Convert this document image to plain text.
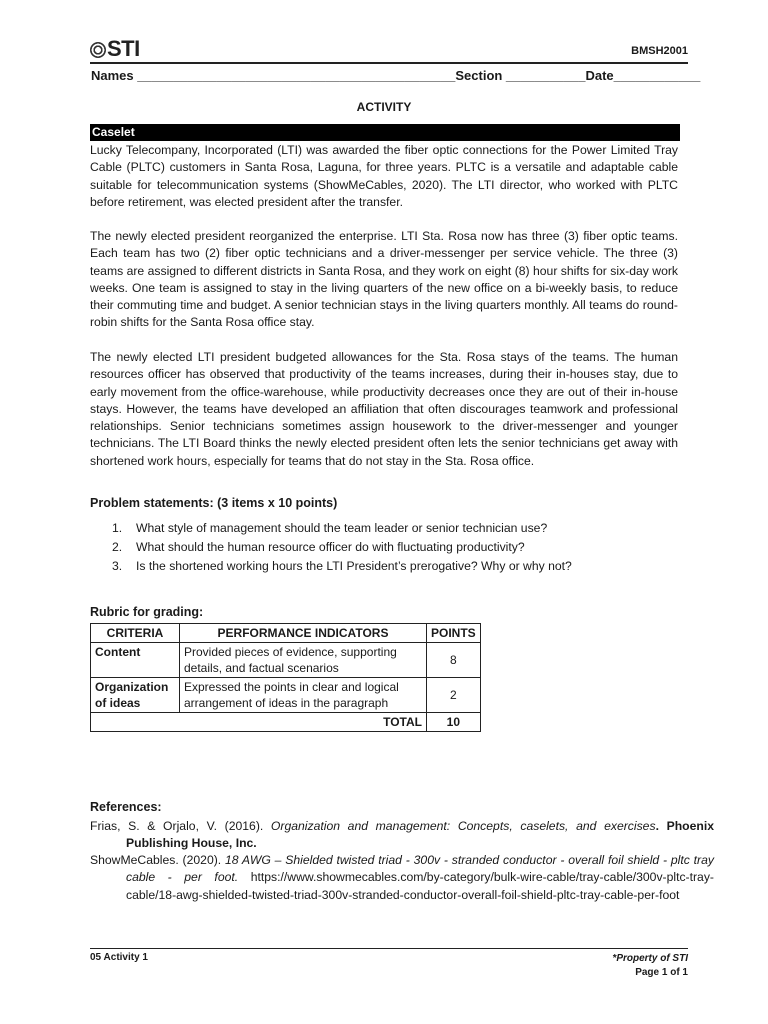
STI	BMSH2001
Names ____________________________________________Section ___________Date____________
ACTIVITY
Caselet
Lucky Telecompany, Incorporated (LTI) was awarded the fiber optic connections for the Power Limited Tray Cable (PLTC) customers in Santa Rosa, Laguna, for three years. PLTC is a versatile and adaptable cable suitable for telecommunication systems (ShowMeCables, 2020). The LTI director, who worked with PLTC before retirement, was elected president after the transfer.
The newly elected president reorganized the enterprise. LTI Sta. Rosa now has three (3) fiber optic teams. Each team has two (2) fiber optic technicians and a driver-messenger per service vehicle. The three (3) teams are assigned to different districts in Santa Rosa, and they work on eight (8) hour shifts for six-day work weeks. One team is assigned to stay in the living quarters of the new office on a bi-weekly basis, to reduce their commuting time and budget. A senior technician stays in the living quarters monthly. All teams do round-robin shifts for the Santa Rosa office stay.
The newly elected LTI president budgeted allowances for the Sta. Rosa stays of the teams. The human resources officer has observed that productivity of the teams increases, during their in-houses stay, due to early movement from the office-warehouse, while productivity decreases once they are out of their in-house stays. However, the teams have developed an affiliation that often discourages teamwork and professional relationships. Senior technicians sometimes assign housework to the driver-messenger and younger technicians. The LTI Board thinks the newly elected president often lets the senior technicians get away with shortened work hours, especially for teams that do not stay in the Sta. Rosa office.
Problem statements: (3 items x 10 points)
1. What style of management should the team leader or senior technician use?
2. What should the human resource officer do with fluctuating productivity?
3. Is the shortened working hours the LTI President’s prerogative? Why or why not?
Rubric for grading:
CRITERIA	PERFORMANCE INDICATORS	POINTS
Content	Provided pieces of evidence, supporting details, and factual scenarios	8
Organization of ideas	Expressed the points in clear and logical arrangement of ideas in the paragraph	2
TOTAL		10
References:
Frias, S. & Orjalo, V. (2016). Organization and management: Concepts, caselets, and exercises. Phoenix Publishing House, Inc.
ShowMeCables. (2020). 18 AWG – Shielded twisted triad - 300v - stranded conductor - overall foil shield - pltc tray cable - per foot. https://www.showmecables.com/by-category/bulk-wire-cable/tray-cable/300v-pltc-tray-cable/18-awg-shielded-twisted-triad-300v-stranded-conductor-overall-foil-shield-pltc-tray-cable-per-foot
05 Activity 1	*Property of STI
Page 1 of 1
